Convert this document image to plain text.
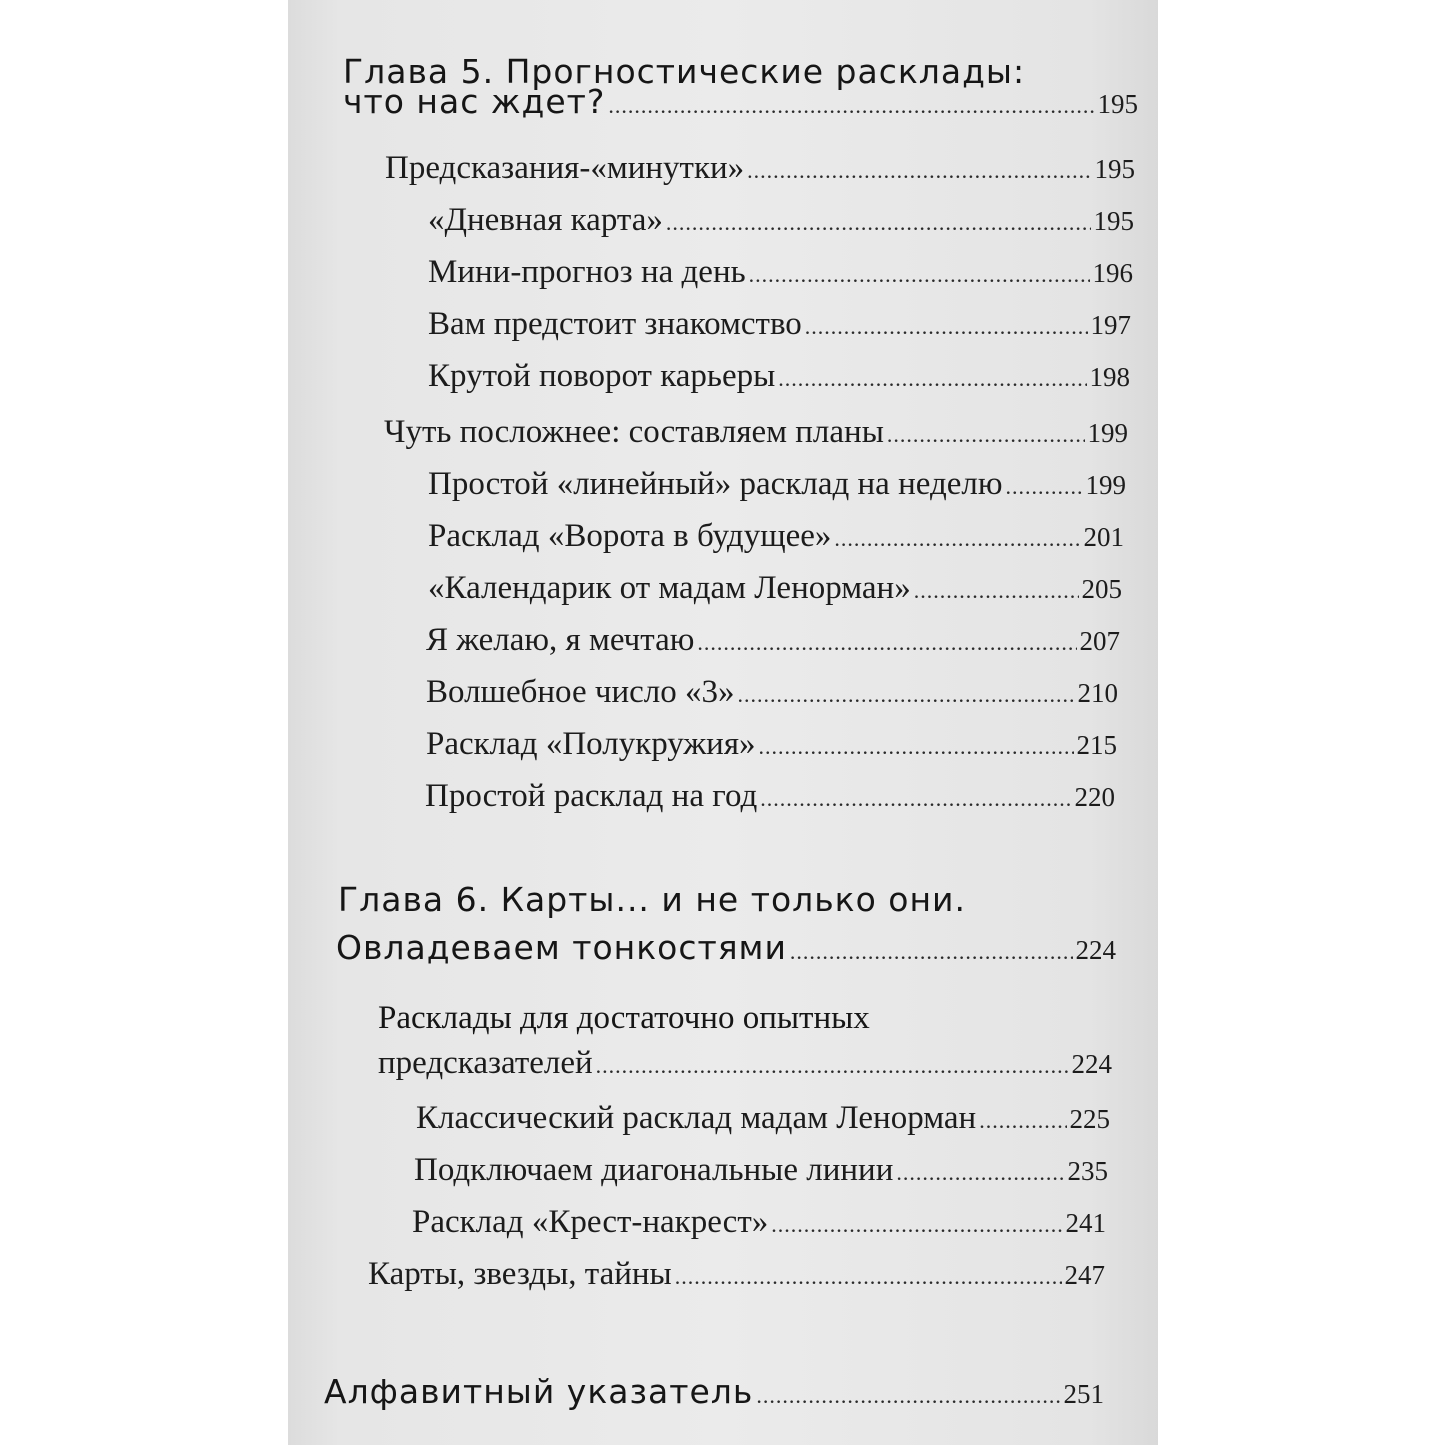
Глава 5. Прогностические расклады:
что нас ждет? .....	195
Предсказания-«минутки» .....	195
«Дневная карта» .....	195
Мини-прогноз на день .....	196
Вам предстоит знакомство .....	197
Крутой поворот карьеры .....	198
Чуть посложнее: составляем планы .....	199
Простой «линейный» расклад на неделю .....	199
Расклад «Ворота в будущее» .....	201
«Календарик от мадам Ленорман» .....	205
Я желаю, я мечтаю .....	207
Волшебное число «3» .....	210
Расклад «Полукружия» .....	215
Простой расклад на год .....	220
Глава 6. Карты... и не только они.
Овладеваем тонкостями .....	224
Расклады для достаточно опытных
предсказателей .....	224
Классический расклад мадам Ленорман .....	225
Подключаем диагональные линии .....	235
Расклад «Крест-накрест» .....	241
Карты, звезды, тайны .....	247
Алфавитный указатель .....	251
